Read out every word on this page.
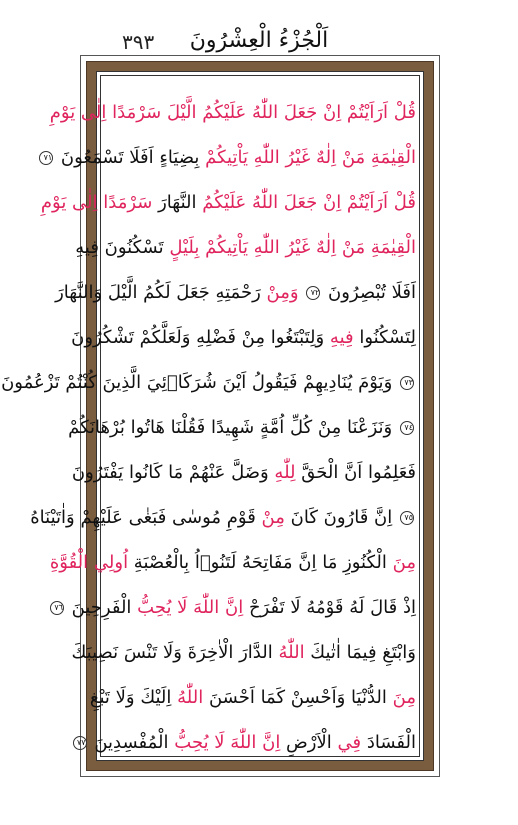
٣٩٣	اَلْجُزْءُ الْعِشْرُونَ
قُلْ اَرَاَيْتُمْ اِنْ جَعَلَ اللّٰهُ عَلَيْكُمُ الَّيْلَ سَرْمَدًا اِلٰى يَوْمِ
الْقِيٰمَةِ مَنْ اِلٰهٌ غَيْرُ اللّٰهِ يَاْتِيكُمْ بِضِيَاءٍ اَفَلَا تَسْمَعُونَ ٧١
قُلْ اَرَاَيْتُمْ اِنْ جَعَلَ اللّٰهُ عَلَيْكُمُ النَّهَارَ سَرْمَدًا اِلٰى يَوْمِ
الْقِيٰمَةِ مَنْ اِلٰهٌ غَيْرُ اللّٰهِ يَاْتِيكُمْ بِلَيْلٍ تَسْكُنُونَ فِيهِ
اَفَلَا تُبْصِرُونَ ٧٢ وَمِنْ رَحْمَتِهِ جَعَلَ لَكُمُ الَّيْلَ وَالنَّهَارَ
لِتَسْكُنُوا فِيهِ وَلِتَبْتَغُوا مِنْ فَضْلِهِ وَلَعَلَّكُمْ تَشْكُرُونَ
٧٣ وَيَوْمَ يُنَادِيهِمْ فَيَقُولُ اَيْنَ شُرَكَاۤئِيَ الَّذِينَ كُنْتُمْ تَزْعُمُونَ
٧٤ وَنَزَعْنَا مِنْ كُلِّ اُمَّةٍ شَهِيدًا فَقُلْنَا هَاتُوا بُرْهَانَكُمْ
فَعَلِمُوا اَنَّ الْحَقَّ لِلّٰهِ وَضَلَّ عَنْهُمْ مَا كَانُوا يَفْتَرُونَ
٧٥ اِنَّ قَارُونَ كَانَ مِنْ قَوْمِ مُوسٰى فَبَغٰى عَلَيْهِمْ وَاٰتَيْنَاهُ
مِنَ الْكُنُوزِ مَا اِنَّ مَفَاتِحَهُ لَتَنُوۤاُ بِالْعُصْبَةِ اُولِي الْقُوَّةِ
اِذْ قَالَ لَهُ قَوْمُهُ لَا تَفْرَحْ اِنَّ اللّٰهَ لَا يُحِبُّ الْفَرِحِينَ ٧٦
وَابْتَغِ فِيمَا اٰتٰيكَ اللّٰهُ الدَّارَ الْاٰخِرَةَ وَلَا تَنْسَ نَصِيبَكَ
مِنَ الدُّنْيَا وَاَحْسِنْ كَمَا اَحْسَنَ اللّٰهُ اِلَيْكَ وَلَا تَبْغِ
الْفَسَادَ فِي الْاَرْضِ اِنَّ اللّٰهَ لَا يُحِبُّ الْمُفْسِدِينَ ٧٧
